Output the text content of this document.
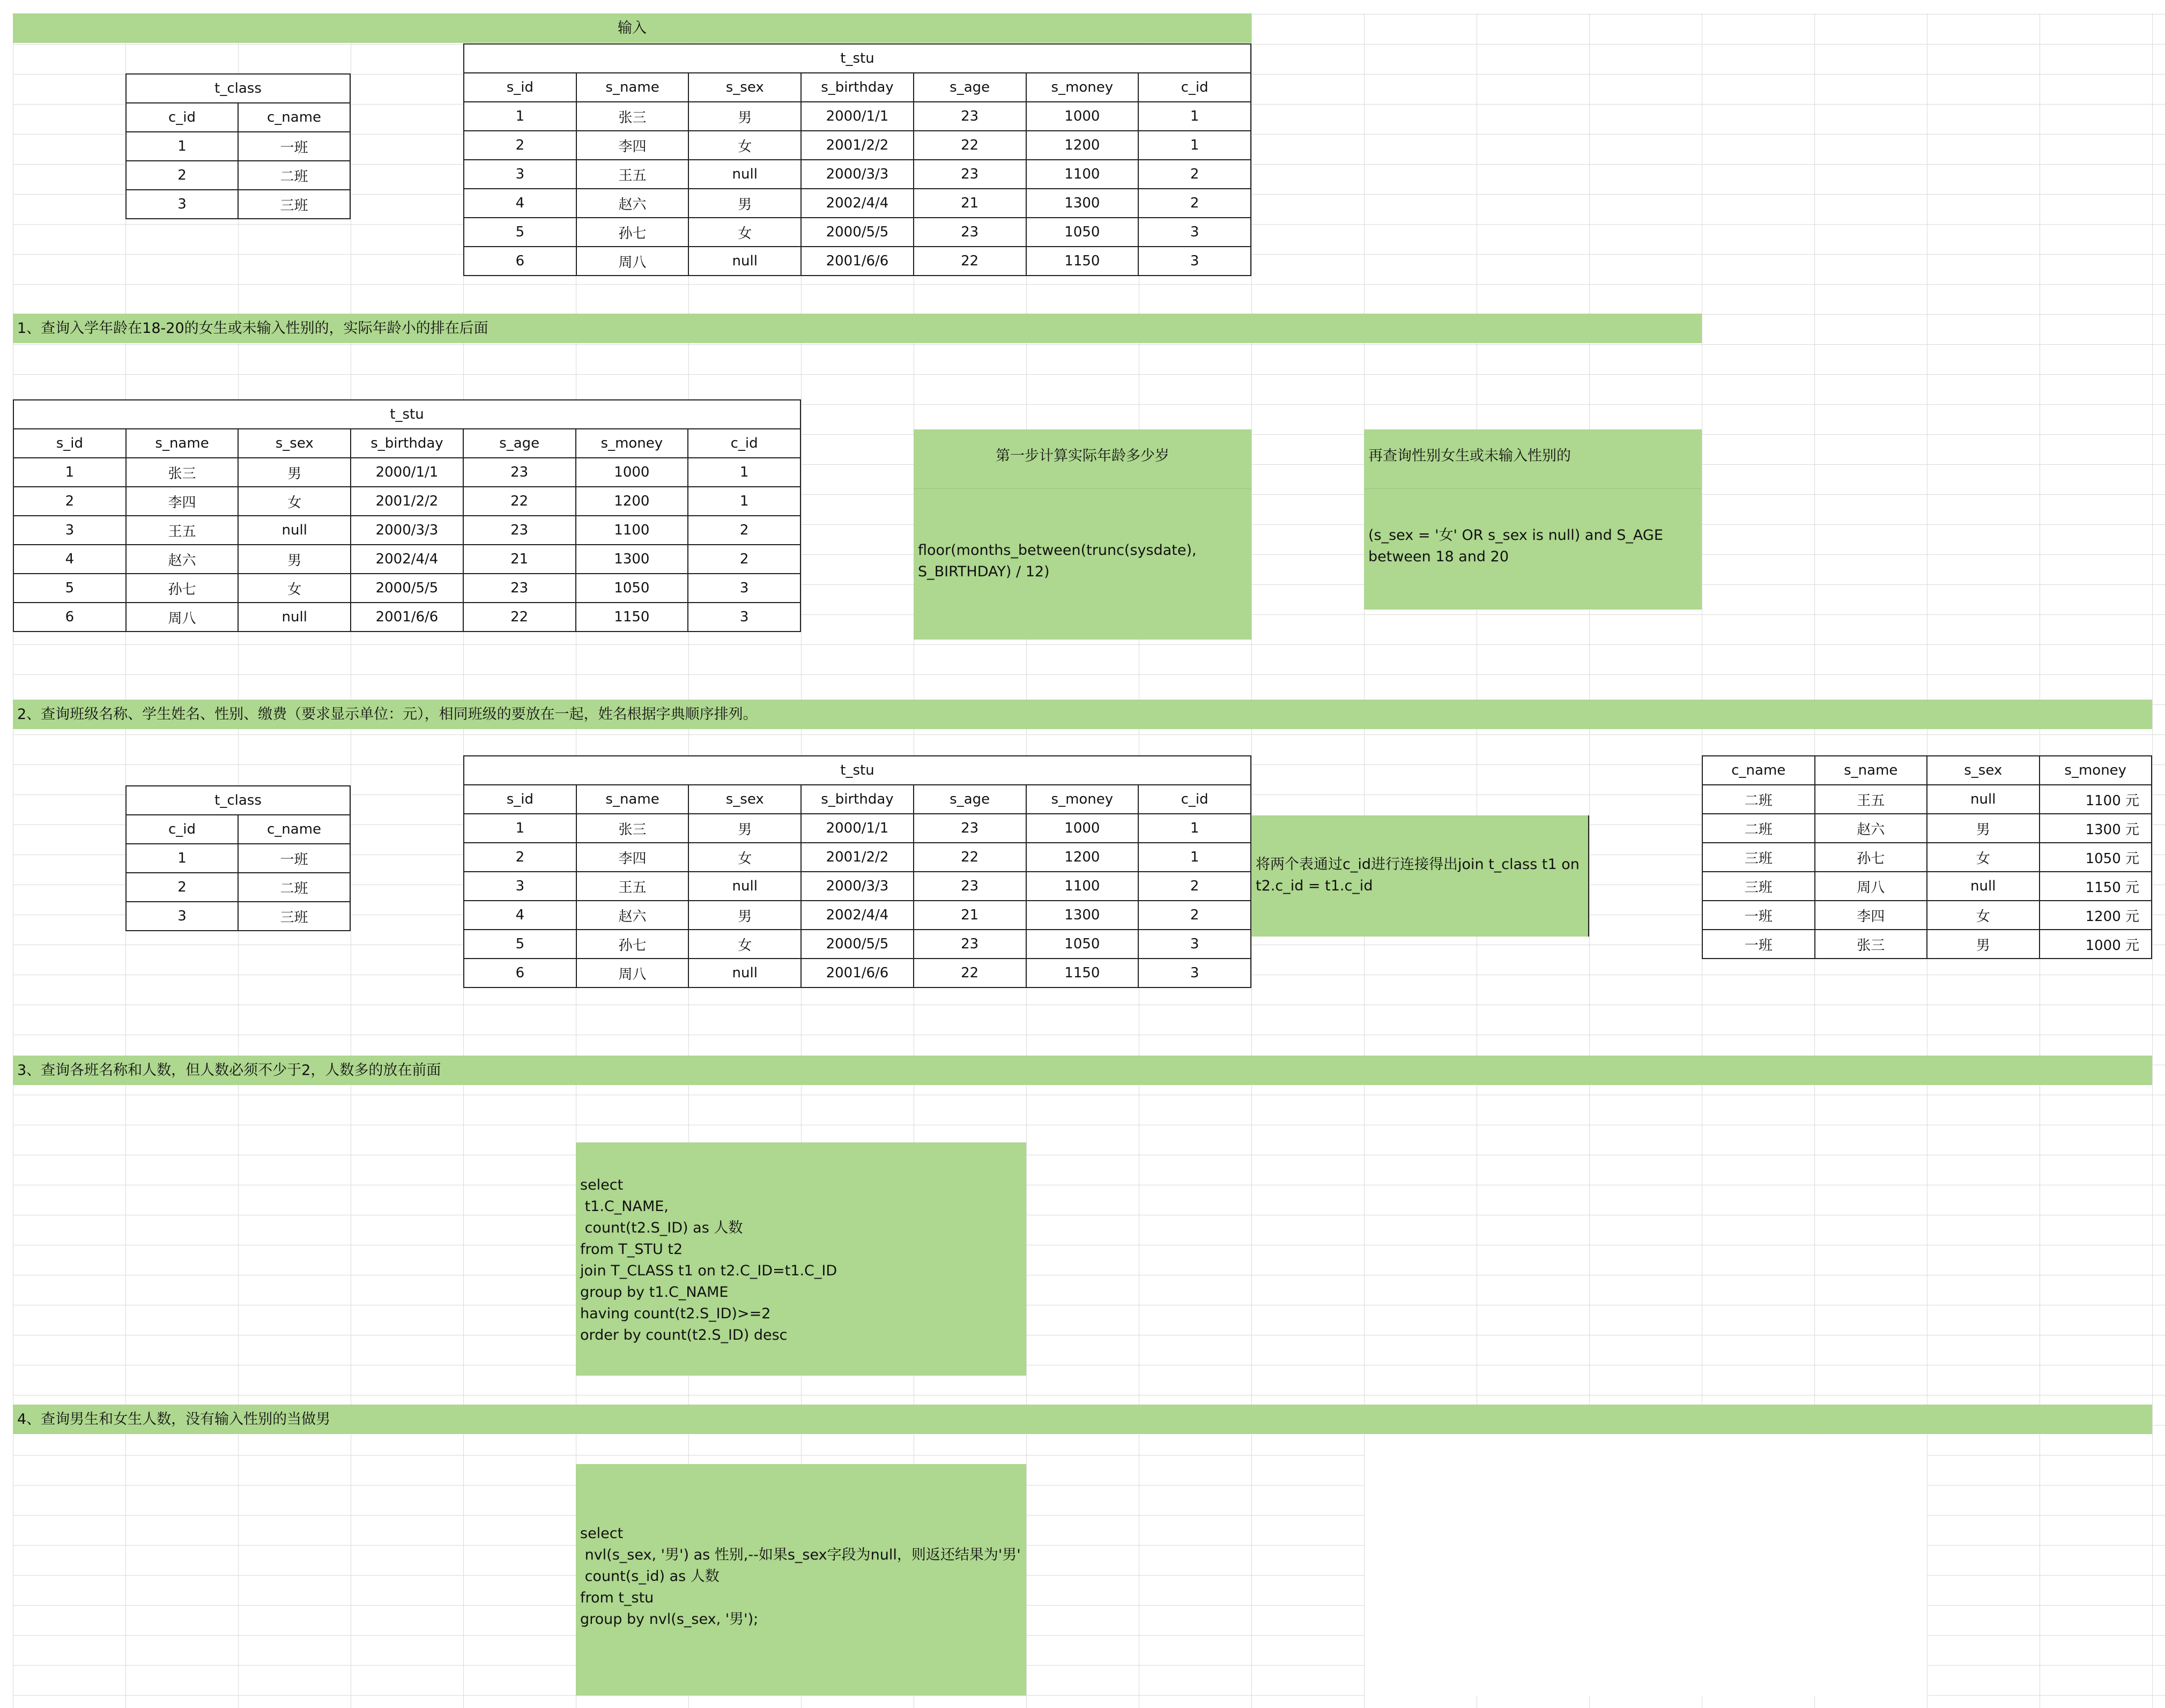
输入
t_class	
c_id	c_name
1	一班
2	二班
3	三班
t_stu						
s_id	s_name	s_sex	s_birthday	s_age	s_money	c_id
1	张三	男	2000/1/1	23	1000	1
2	李四	女	2001/2/2	22	1200	1
3	王五	null	2000/3/3	23	1100	2
4	赵六	男	2002/4/4	21	1300	2
5	孙七	女	2000/5/5	23	1050	3
6	周八	null	2001/6/6	22	1150	3
1、查询入学年龄在18-20的女生或未输入性别的，实际年龄小的排在后面
t_stu						
s_id	s_name	s_sex	s_birthday	s_age	s_money	c_id
1	张三	男	2000/1/1	23	1000	1
2	李四	女	2001/2/2	22	1200	1
3	王五	null	2000/3/3	23	1100	2
4	赵六	男	2002/4/4	21	1300	2
5	孙七	女	2000/5/5	23	1050	3
6	周八	null	2001/6/6	22	1150	3
第一步计算实际年龄多少岁
floor(months_between(trunc(sysdate),
S_BIRTHDAY) / 12)
再查询性别女生或未输入性别的
(s_sex = '女' OR s_sex is null) and S_AGE
between 18 and 20
2、查询班级名称、学生姓名、性别、缴费（要求显示单位：元），相同班级的要放在一起，姓名根据字典顺序排列。
t_class	
c_id	c_name
1	一班
2	二班
3	三班
t_stu						
s_id	s_name	s_sex	s_birthday	s_age	s_money	c_id
1	张三	男	2000/1/1	23	1000	1
2	李四	女	2001/2/2	22	1200	1
3	王五	null	2000/3/3	23	1100	2
4	赵六	男	2002/4/4	21	1300	2
5	孙七	女	2000/5/5	23	1050	3
6	周八	null	2001/6/6	22	1150	3
将两个表通过c_id进行连接得出join t_class t1 on
t2.c_id = t1.c_id
c_name	s_name	s_sex	s_money
二班	王五	null	1100 元
二班	赵六	男	1300 元
三班	孙七	女	1050 元
三班	周八	null	1150 元
一班	李四	女	1200 元
一班	张三	男	1000 元
3、查询各班名称和人数，但人数必须不少于2，人数多的放在前面
select
t1.C_NAME,
count(t2.S_ID) as 人数
from T_STU t2
join T_CLASS t1 on t2.C_ID=t1.C_ID
group by t1.C_NAME
having count(t2.S_ID)>=2
order by count(t2.S_ID) desc
4、查询男生和女生人数，没有输入性别的当做男
select
nvl(s_sex, '男') as 性别,--如果s_sex字段为null，则返还结果为'男'
count(s_id) as 人数
from t_stu
group by nvl(s_sex, '男');
